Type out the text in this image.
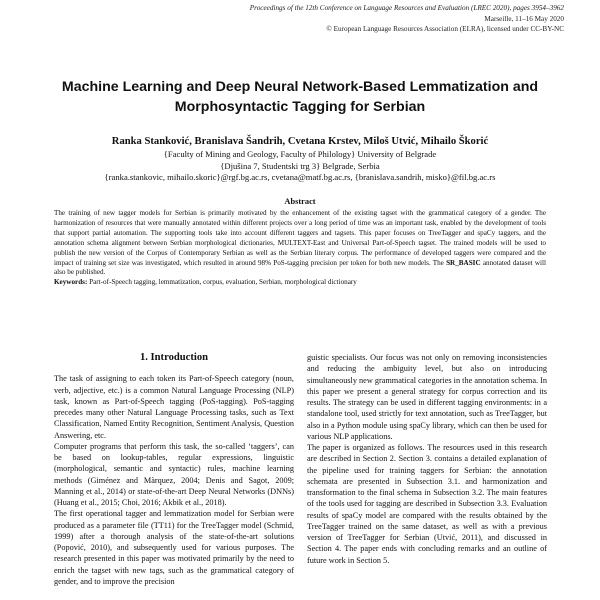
Proceedings of the 12th Conference on Language Resources and Evaluation (LREC 2020), pages 3954–3962
Marseille, 11–16 May 2020
© European Language Resources Association (ELRA), licensed under CC-BY-NC
Machine Learning and Deep Neural Network-Based Lemmatization and
Morphosyntactic Tagging for Serbian
Ranka Stanković, Branislava Šandrih, Cvetana Krstev, Miloš Utvić, Mihailo Škorić
{Faculty of Mining and Geology, Faculty of Philology} University of Belgrade
{Djušina 7, Studentski trg 3} Belgrade, Serbia
{ranka.stankovic, mihailo.skoric}@rgf.bg.ac.rs, cvetana@matf.bg.ac.rs, {branislava.sandrih, misko}@fil.bg.ac.rs
Abstract
The training of new tagger models for Serbian is primarily motivated by the enhancement of the existing tagset with the grammatical category of a gender. The harmonization of resources that were manually annotated within different projects over a long period of time was an important task, enabled by the development of tools that support partial automation. The supporting tools take into account different taggers and tagsets. This paper focuses on TreeTagger and spaCy taggers, and the annotation schema alignment between Serbian morphological dictionaries, MULTEXT-East and Universal Part-of-Speech tagset. The trained models will be used to publish the new version of the Corpus of Contemporary Serbian as well as the Serbian literary corpus. The performance of developed taggers were compared and the impact of training set size was investigated, which resulted in around 98% PoS-tagging precision per token for both new models. The SR_BASIC annotated dataset will also be published.
Keywords: Part-of-Speech tagging, lemmatization, corpus, evaluation, Serbian, morphological dictionary
1. Introduction

The task of assigning to each token its Part-of-Speech category (noun, verb, adjective, etc.) is a common Natural Language Processing (NLP) task, known as Part-of-Speech tagging (PoS-tagging). PoS-tagging precedes many other Natural Language Processing tasks, such as Text Classification, Named Entity Recognition, Sentiment Analysis, Question Answering, etc.

Computer programs that perform this task, the so-called ‘taggers’, can be based on lookup-tables, regular expressions, linguistic (morphological, semantic and syntactic) rules, machine learning methods (Giménez and Màrquez, 2004; Denis and Sagot, 2009; Manning et al., 2014) or state-of-the-art Deep Neural Networks (DNNs) (Huang et al., 2015; Choi, 2016; Akbik et al., 2018).

The first operational tagger and lemmatization model for Serbian were produced as a parameter file (TT11) for the TreeTagger model (Schmid, 1999) after a thorough analysis of the state-of-the-art solutions (Popović, 2010), and subsequently used for various purposes. The research presented in this paper was motivated primarily by the need to enrich the tagset with new tags, such as the grammatical category of gender, and to improve the precision

guistic specialists. Our focus was not only on removing inconsistencies and reducing the ambiguity level, but also on introducing simultaneously new grammatical categories in the annotation schema. In this paper we present a general strategy for corpus correction and its results. The strategy can be used in different tagging environments: in a standalone tool, used strictly for text annotation, such as TreeTagger, but also in a Python module using spaCy library, which can then be used for various NLP applications.

The paper is organized as follows. The resources used in this research are described in Section 2. Section 3. contains a detailed explanation of the pipeline used for training taggers for Serbian: the annotation schemata are presented in Subsection 3.1. and harmonization and transformation to the final schema in Subsection 3.2. The main features of the tools used for tagging are described in Subsection 3.3. Evaluation results of spaCy model are compared with the results obtained by the TreeTagger trained on the same dataset, as well as with a previous version of TreeTagger for Serbian (Utvić, 2011), and discussed in Section 4. The paper ends with concluding remarks and an outline of future work in Section 5.
